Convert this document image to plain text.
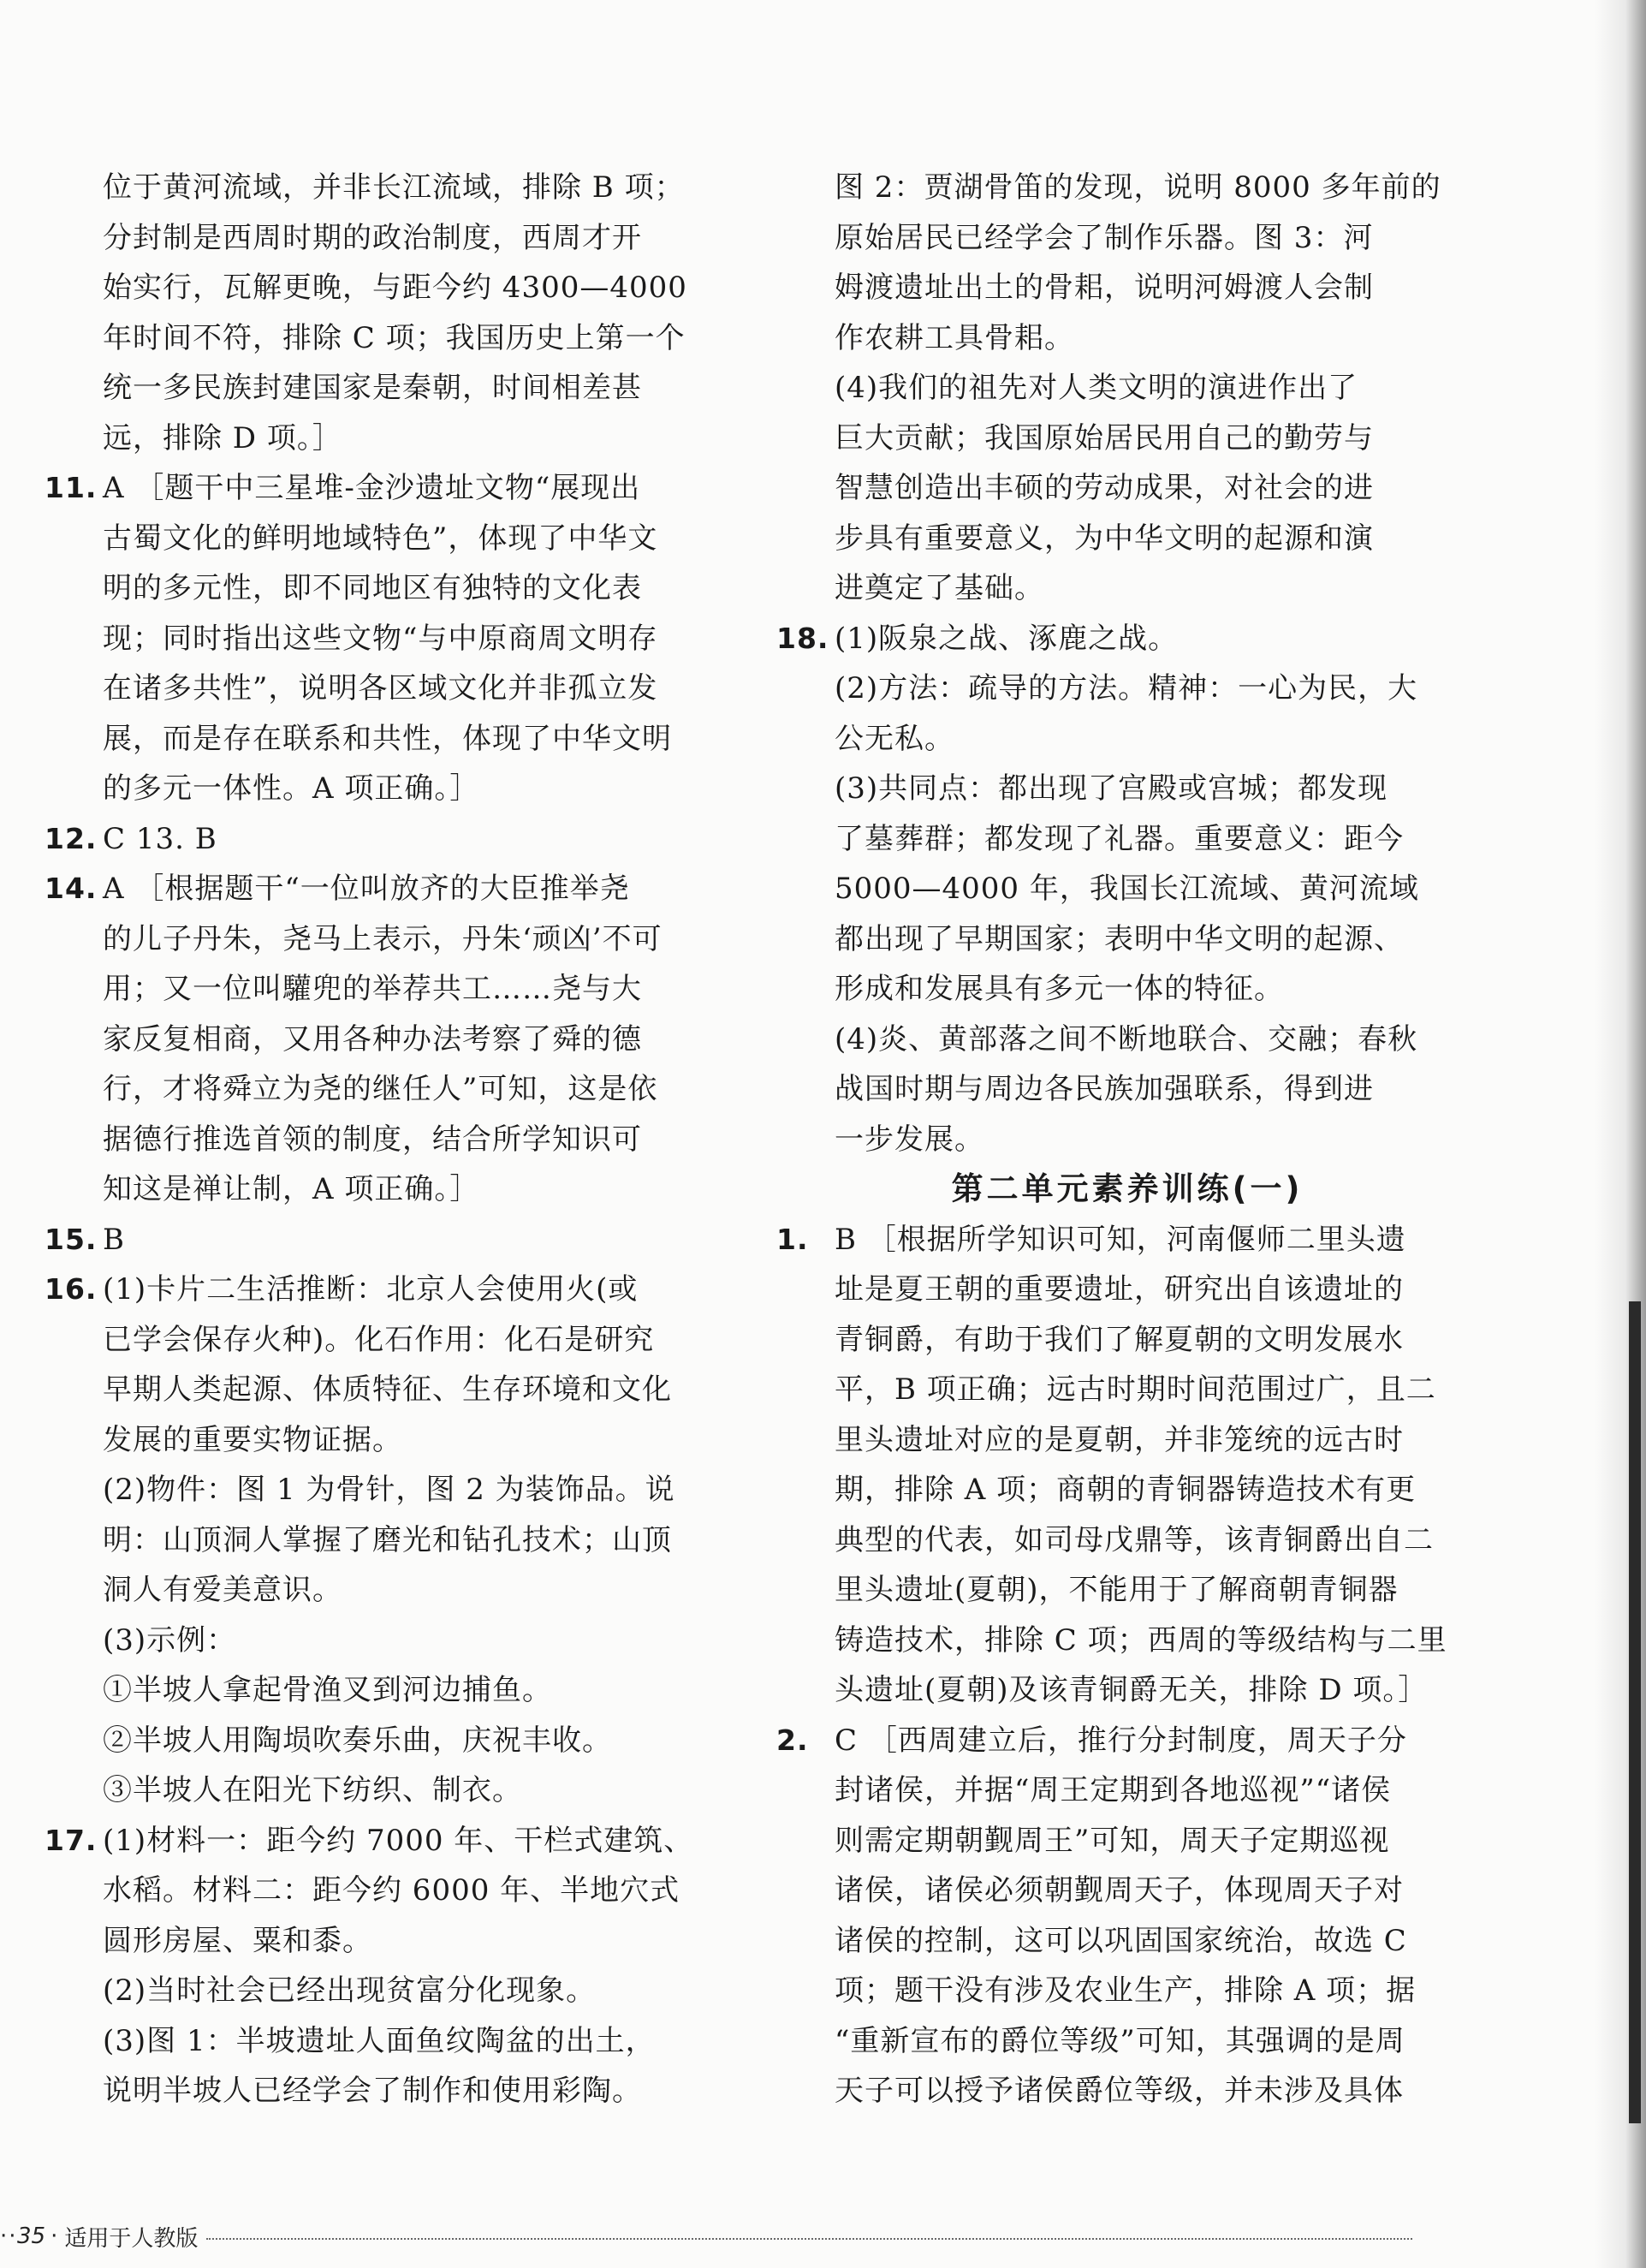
位于黄河流域，并非长江流域，排除 B 项；
分封制是西周时期的政治制度，西周才开
始实行，瓦解更晚，与距今约 4300—4000
年时间不符，排除 C 项；我国历史上第一个
统一多民族封建国家是秦朝，时间相差甚
远，排除 D 项。］
11. A ［题干中三星堆-金沙遗址文物“展现出
古蜀文化的鲜明地域特色”，体现了中华文
明的多元性，即不同地区有独特的文化表
现；同时指出这些文物“与中原商周文明存
在诸多共性”，说明各区域文化并非孤立发
展，而是存在联系和共性，体现了中华文明
的多元一体性。A 项正确。］
12. C 13. B
14. A ［根据题干“一位叫放齐的大臣推举尧
的儿子丹朱，尧马上表示，丹朱‘顽凶’不可
用；又一位叫驩兜的举荐共工……尧与大
家反复相商，又用各种办法考察了舜的德
行，才将舜立为尧的继任人”可知，这是依
据德行推选首领的制度，结合所学知识可
知这是禅让制，A 项正确。］
15. B
16. (1)卡片二生活推断：北京人会使用火(或
已学会保存火种)。化石作用：化石是研究
早期人类起源、体质特征、生存环境和文化
发展的重要实物证据。
(2)物件：图 1 为骨针，图 2 为装饰品。说
明：山顶洞人掌握了磨光和钻孔技术；山顶
洞人有爱美意识。
(3)示例：
①半坡人拿起骨渔叉到河边捕鱼。
②半坡人用陶埙吹奏乐曲，庆祝丰收。
③半坡人在阳光下纺织、制衣。
17. (1)材料一：距今约 7000 年、干栏式建筑、
水稻。材料二：距今约 6000 年、半地穴式
圆形房屋、粟和黍。
(2)当时社会已经出现贫富分化现象。
(3)图 1：半坡遗址人面鱼纹陶盆的出土，
说明半坡人已经学会了制作和使用彩陶。
图 2：贾湖骨笛的发现，说明 8000 多年前的
原始居民已经学会了制作乐器。图 3：河
姆渡遗址出土的骨耜，说明河姆渡人会制
作农耕工具骨耜。
(4)我们的祖先对人类文明的演进作出了
巨大贡献；我国原始居民用自己的勤劳与
智慧创造出丰硕的劳动成果，对社会的进
步具有重要意义，为中华文明的起源和演
进奠定了基础。
18. (1)阪泉之战、涿鹿之战。
(2)方法：疏导的方法。精神：一心为民，大
公无私。
(3)共同点：都出现了宫殿或宫城；都发现
了墓葬群；都发现了礼器。重要意义：距今
5000—4000 年，我国长江流域、黄河流域
都出现了早期国家；表明中华文明的起源、
形成和发展具有多元一体的特征。
(4)炎、黄部落之间不断地联合、交融；春秋
战国时期与周边各民族加强联系，得到进
一步发展。
第二单元素养训练(一)
1. B ［根据所学知识可知，河南偃师二里头遗
址是夏王朝的重要遗址，研究出自该遗址的
青铜爵，有助于我们了解夏朝的文明发展水
平，B 项正确；远古时期时间范围过广，且二
里头遗址对应的是夏朝，并非笼统的远古时
期，排除 A 项；商朝的青铜器铸造技术有更
典型的代表，如司母戊鼎等，该青铜爵出自二
里头遗址(夏朝)，不能用于了解商朝青铜器
铸造技术，排除 C 项；西周的等级结构与二里
头遗址(夏朝)及该青铜爵无关，排除 D 项。］
2. C ［西周建立后，推行分封制度，周天子分
封诸侯，并据“周王定期到各地巡视”“诸侯
则需定期朝觐周王”可知，周天子定期巡视
诸侯，诸侯必须朝觐周天子，体现周天子对
诸侯的控制，这可以巩固国家统治，故选 C
项；题干没有涉及农业生产，排除 A 项；据
“重新宣布的爵位等级”可知，其强调的是周
天子可以授予诸侯爵位等级，并未涉及具体
·· 35 · 适用于人教版
